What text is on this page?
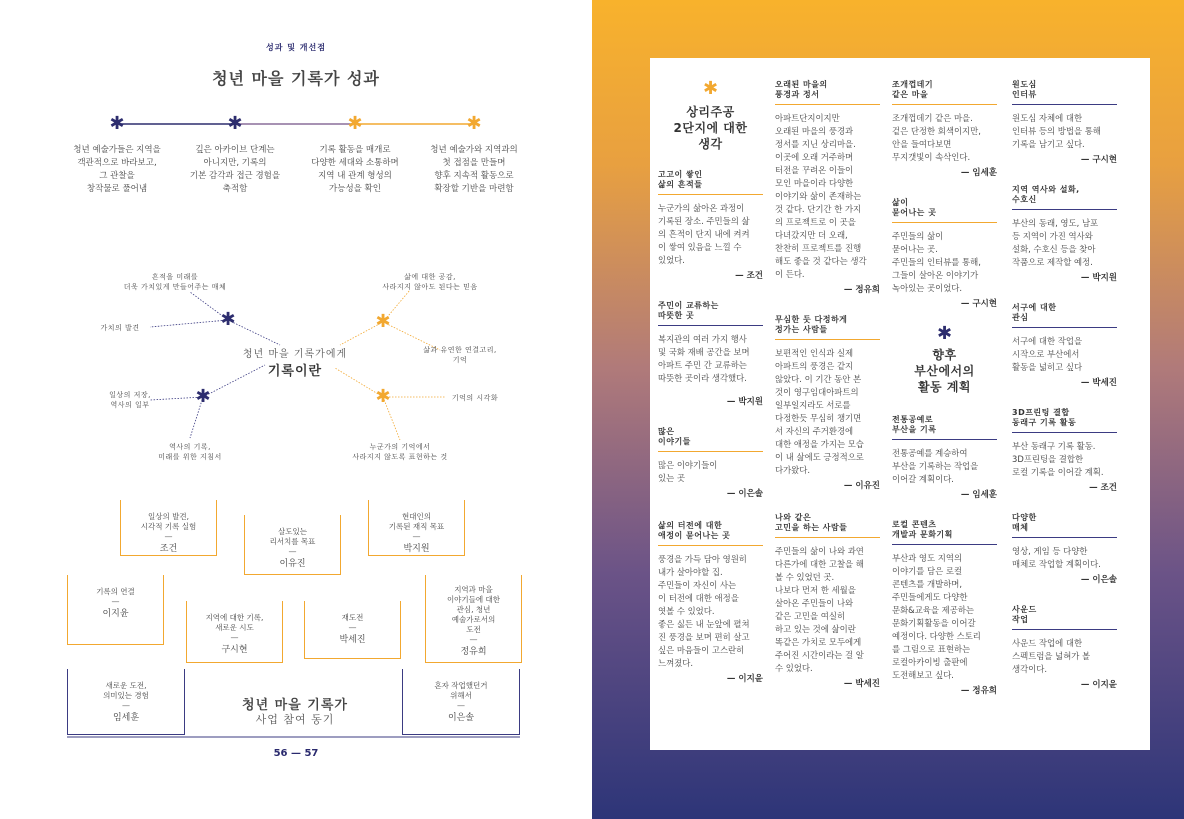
성과 및 개선점
청년 마을 기록가 성과
✱	✱	✱	✱
청년 예술가들은 지역을
객관적으로 바라보고,
그 관찰을
창작물로 풀어냄
깊은 아카이브 단계는
아니지만, 기록의
기본 감각과 접근 경험을
축적함
기록 활동을 매개로
다양한 세대와 소통하며
지역 내 관계 형성의
가능성을 확인
청년 예술가와 지역과의
첫 접점을 만들며
향후 지속적 활동으로
확장할 기반을 마련함
✱	✱
✱	✱
청년 마을 기록가에게
기록이란
흔적을 미래를
더욱 가치있게 만들어주는 매체
가치의 발견
일상의 저장,
역사의 일부
역사의 기록,
미래를 위한 지침서
삶에 대한 공감,
사라지지 않아도 된다는 믿음
삶과 유연한 연결고리,
기억
기억의 시각화
누군가의 기억에서
사라지지 않도록 표현하는 것
일상의 발견,
시각적 기록 실험
—
조건
살도있는
리서치를 목표
—
이유진
현대인의
기록된 재직 목표
—
박지원
기록의 연결
—
이지윤	지역에 대한 기록,
새로운 시도
—
구시현
재도전
—
박세진
지역과 마을
이야기들에 대한
관심, 청년
예술가로서의
도전
—
정유희
새로운 도전,
의미있는 경험
—
임세훈
혼자 작업했던거
위해서
—
이은솔
청년 마을 기록가
사업 참여 동기
56 — 57
✱
상리주공
2단지에 대한
생각
고고이 쌓인
삶의 흔적들
누군가의 삶아온 과정이
기록된 장소. 주민들의 삶
의 흔적이 단지 내에 켜켜
이 쌓여 있음을 느낄 수
있었다.
— 조건
주민이 교류하는
따뜻한 곳
복지관의 여러 가지 행사
및 국화 재배 공간을 보며
아파트 주민 간 교류하는
따뜻한 곳이라 생각했다.
— 박지원
많은
이야기들
많은 이야기들이
있는 곳
— 이은솔
삶의 터전에 대한
애정이 묻어나는 곳
풍경을 가득 담아 영원히
내가 살아야할 집.
주민들이 자신이 사는
이 터전에 대한 애정을
엿볼 수 있었다.
좋은 싫든 내 눈앞에 펼쳐
진 풍경을 보며 편히 살고
싶은 마음들이 고스란히
느껴졌다.
— 이지윤
오래된 마을의
풍경과 정서
아파트단지이지만
오래된 마을의 풍경과
정서를 지닌 상리마을.
이곳에 오래 거주하며
터전을 꾸려온 이들이
모인 마을이라 다양한
이야기와 삶이 존재하는
것 같다. 단기간 한 가지
의 프로젝트로 이 곳을
다녀갔지만 더 오래,
찬찬히 프로젝트를 진행
해도 좋을 것 같다는 생각
이 든다.
— 정유희
무심한 듯 다정하게
정가는 사람들
보편적인 인식과 실제
아파트의 풍경은 같지
않았다. 이 기간 동안 본
것이 영구임대아파트의
일부일지라도 서로를
다정한듯 무심히 챙기면
서 자신의 주거환경에
대한 애정을 가지는 모습
이 내 삶에도 긍정적으로
다가왔다.
— 이유진
나와 같은
고민을 하는 사람들
주민들의 삶이 나와 과연
다른가에 대한 고찰을 해
볼 수 있었던 곳.
나보다 먼저 한 세월을
살아온 주민들이 나와
같은 고민을 여실히
하고 있는 것에 삶이란
똑같은 가치로 모두에게
주어진 시간이라는 걸 알
수 있었다.
— 박세진
조개껍데기
같은 마을
조개껍데기 같은 마을.
겉은 단정한 회색이지만,
안을 들여다보면
무지갯빛이 속삭인다.
— 임세훈
삶이
묻어나는 곳
주민들의 삶이
묻어나는 곳.
주민들의 인터뷰를 통해,
그들이 살아온 이야기가
녹아있는 곳이었다.
— 구시현
✱
향후
부산에서의
활동 계획
전통공예로
부산을 기록
전통공예를 계승하여
부산을 기록하는 작업을
이어갈 계획이다.
— 임세훈
로컬 콘텐츠
개발과 문화기획
부산과 영도 지역의
이야기를 담은 로컬
콘텐츠를 개발하며,
주민들에게도 다양한
문화&교육을 제공하는
문화기획활동을 이어갈
예정이다. 다양한 스토리
를 그림으로 표현하는
로컬아카이빙 출판에
도전해보고 싶다.
— 정유희
원도심
인터뷰
원도심 자체에 대한
인터뷰 등의 방법을 통해
기록을 남기고 싶다.
— 구시현
지역 역사와 설화,
수호신
부산의 동래, 영도, 남포
등 지역이 가진 역사와
설화, 수호신 등을 찾아
작품으로 제작할 예정.
— 박지원
서구에 대한
관심
서구에 대한 작업을
시작으로 부산에서
활동을 넓히고 싶다
— 박세진
3D프린팅 결합
동래구 기록 활동
부산 동래구 기록 활동.
3D프린팅을 결합한
로컬 기록을 이어갈 계획.
— 조건
다양한
매체
영상, 게임 등 다양한
매체로 작업할 계획이다.
— 이은솔
사운드
작업
사운드 작업에 대한
스펙트럼을 넓혀가 볼
생각이다.
— 이지윤
